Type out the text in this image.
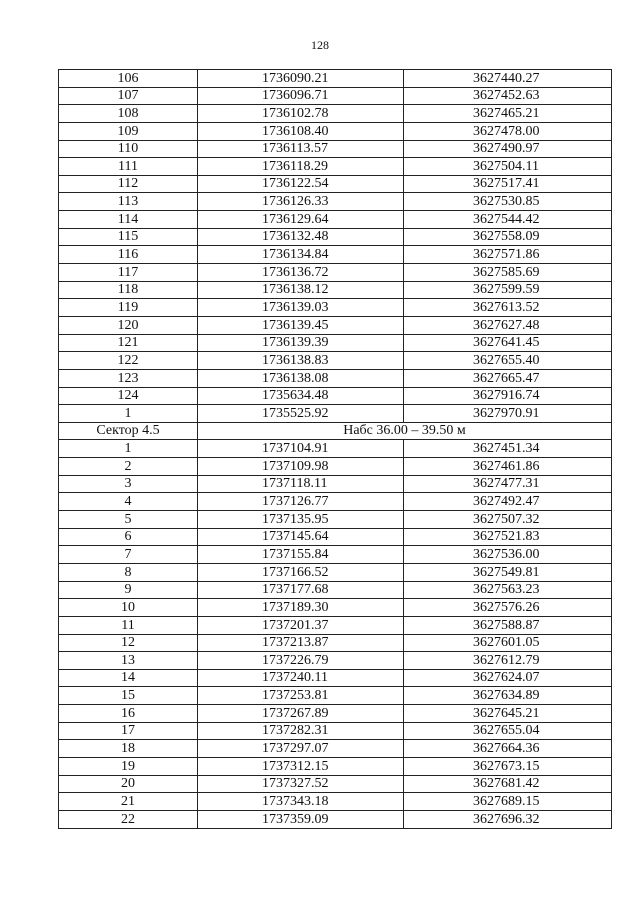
128
106	1736090.21	3627440.27
107	1736096.71	3627452.63
108	1736102.78	3627465.21
109	1736108.40	3627478.00
110	1736113.57	3627490.97
111	1736118.29	3627504.11
112	1736122.54	3627517.41
113	1736126.33	3627530.85
114	1736129.64	3627544.42
115	1736132.48	3627558.09
116	1736134.84	3627571.86
117	1736136.72	3627585.69
118	1736138.12	3627599.59
119	1736139.03	3627613.52
120	1736139.45	3627627.48
121	1736139.39	3627641.45
122	1736138.83	3627655.40
123	1736138.08	3627665.47
124	1735634.48	3627916.74
1	1735525.92	3627970.91
Сектор 4.5	Набс 36.00 – 39.50 м	
1	1737104.91	3627451.34
2	1737109.98	3627461.86
3	1737118.11	3627477.31
4	1737126.77	3627492.47
5	1737135.95	3627507.32
6	1737145.64	3627521.83
7	1737155.84	3627536.00
8	1737166.52	3627549.81
9	1737177.68	3627563.23
10	1737189.30	3627576.26
11	1737201.37	3627588.87
12	1737213.87	3627601.05
13	1737226.79	3627612.79
14	1737240.11	3627624.07
15	1737253.81	3627634.89
16	1737267.89	3627645.21
17	1737282.31	3627655.04
18	1737297.07	3627664.36
19	1737312.15	3627673.15
20	1737327.52	3627681.42
21	1737343.18	3627689.15
22	1737359.09	3627696.32
